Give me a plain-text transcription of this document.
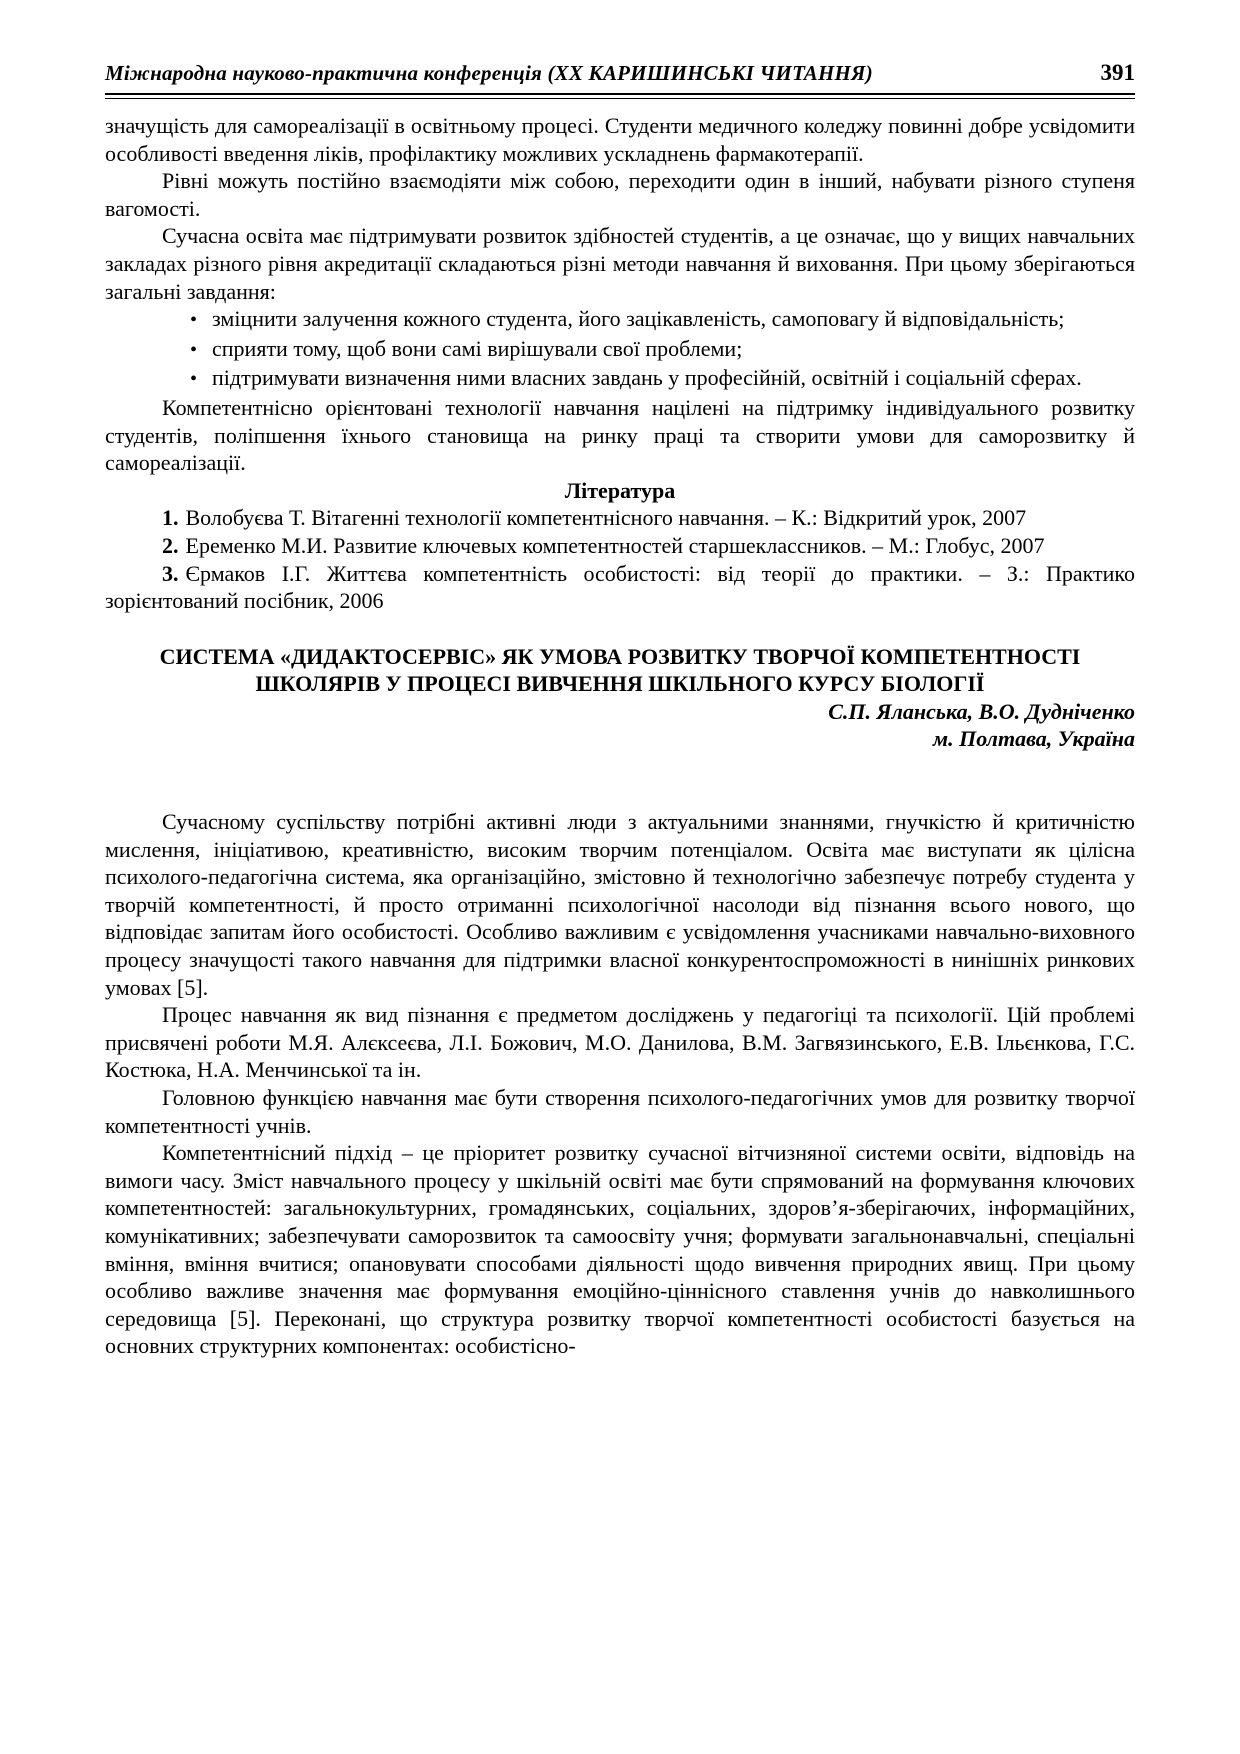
Міжнародна науково-практична конференція (XX КАРИШИНСЬКІ ЧИТАННЯ)	391

значущість для самореалізації в освітньому процесі. Студенти медичного коледжу повинні добре усвідомити особливості введення ліків, профілактику можливих ускладнень фармакотерапії.

Рівні можуть постійно взаємодіяти між собою, переходити один в інший, набувати різного ступеня вагомості.

Сучасна освіта має підтримувати розвиток здібностей студентів, а це означає, що у вищих навчальних закладах різного рівня акредитації складаються різні методи навчання й виховання. При цьому зберігаються загальні завдання:

• зміцнити залучення кожного студента, його зацікавленість, самоповагу й відповідальність;

• сприяти тому, щоб вони самі вирішували свої проблеми;

• підтримувати визначення ними власних завдань у професійній, освітній і соціальній сферах.

Компетентнісно орієнтовані технології навчання націлені на підтримку індивідуального розвитку студентів, поліпшення їхнього становища на ринку праці та створити умови для саморозвитку й самореалізації.

Література

1. Волобуєва Т. Вітагенні технології компетентнісного навчання. – К.: Відкритий урок, 2007

2. Еременко М.И. Развитие ключевых компетентностей старшеклассников. – М.: Глобус, 2007

3. Єрмаков І.Г. Життєва компетентність особистості: від теорії до практики. – З.: Практико зорієнтований посібник, 2006

СИСТЕМА «ДИДАКТОСЕРВІС» ЯК УМОВА РОЗВИТКУ ТВОРЧОЇ КОМПЕТЕНТНОСТІ ШКОЛЯРІВ У ПРОЦЕСІ ВИВЧЕННЯ ШКІЛЬНОГО КУРСУ БІОЛОГІЇ

С.П. Яланська, В.О. Дудніченко

м. Полтава, Україна

Сучасному суспільству потрібні активні люди з актуальними знаннями, гнучкістю й критичністю мислення, ініціативою, креативністю, високим творчим потенціалом. Освіта має виступати як цілісна психолого-педагогічна система, яка організаційно, змістовно й технологічно забезпечує потребу студента у творчій компетентності, й просто отриманні психологічної насолоди від пізнання всього нового, що відповідає запитам його особистості. Особливо важливим є усвідомлення учасниками навчально-виховного процесу значущості такого навчання для підтримки власної конкурентоспроможності в нинішніх ринкових умовах [5].

Процес навчання як вид пізнання є предметом досліджень у педагогіці та психології. Цій проблемі присвячені роботи М.Я. Алєксеєва, Л.І. Божович, М.О. Данилова, В.М. Загвязинського, Е.В. Ільєнкова, Г.С. Костюка, Н.А. Менчинської та ін.

Головною функцією навчання має бути створення психолого-педагогічних умов для розвитку творчої компетентності учнів.

Компетентнісний підхід – це пріоритет розвитку сучасної вітчизняної системи освіти, відповідь на вимоги часу. Зміст навчального процесу у шкільній освіті має бути спрямований на формування ключових компетентностей: загальнокультурних, громадянських, соціальних, здоров’я-зберігаючих, інформаційних, комунікативних; забезпечувати саморозвиток та самоосвіту учня; формувати загальнонавчальні, спеціальні вміння, вміння вчитися; опановувати способами діяльності щодо вивчення природних явищ. При цьому особливо важливе значення має формування емоційно-ціннісного ставлення учнів до навколишнього середовища [5]. Переконані, що структура розвитку творчої компетентності особистості базується на основних структурних компонентах: особистісно-
